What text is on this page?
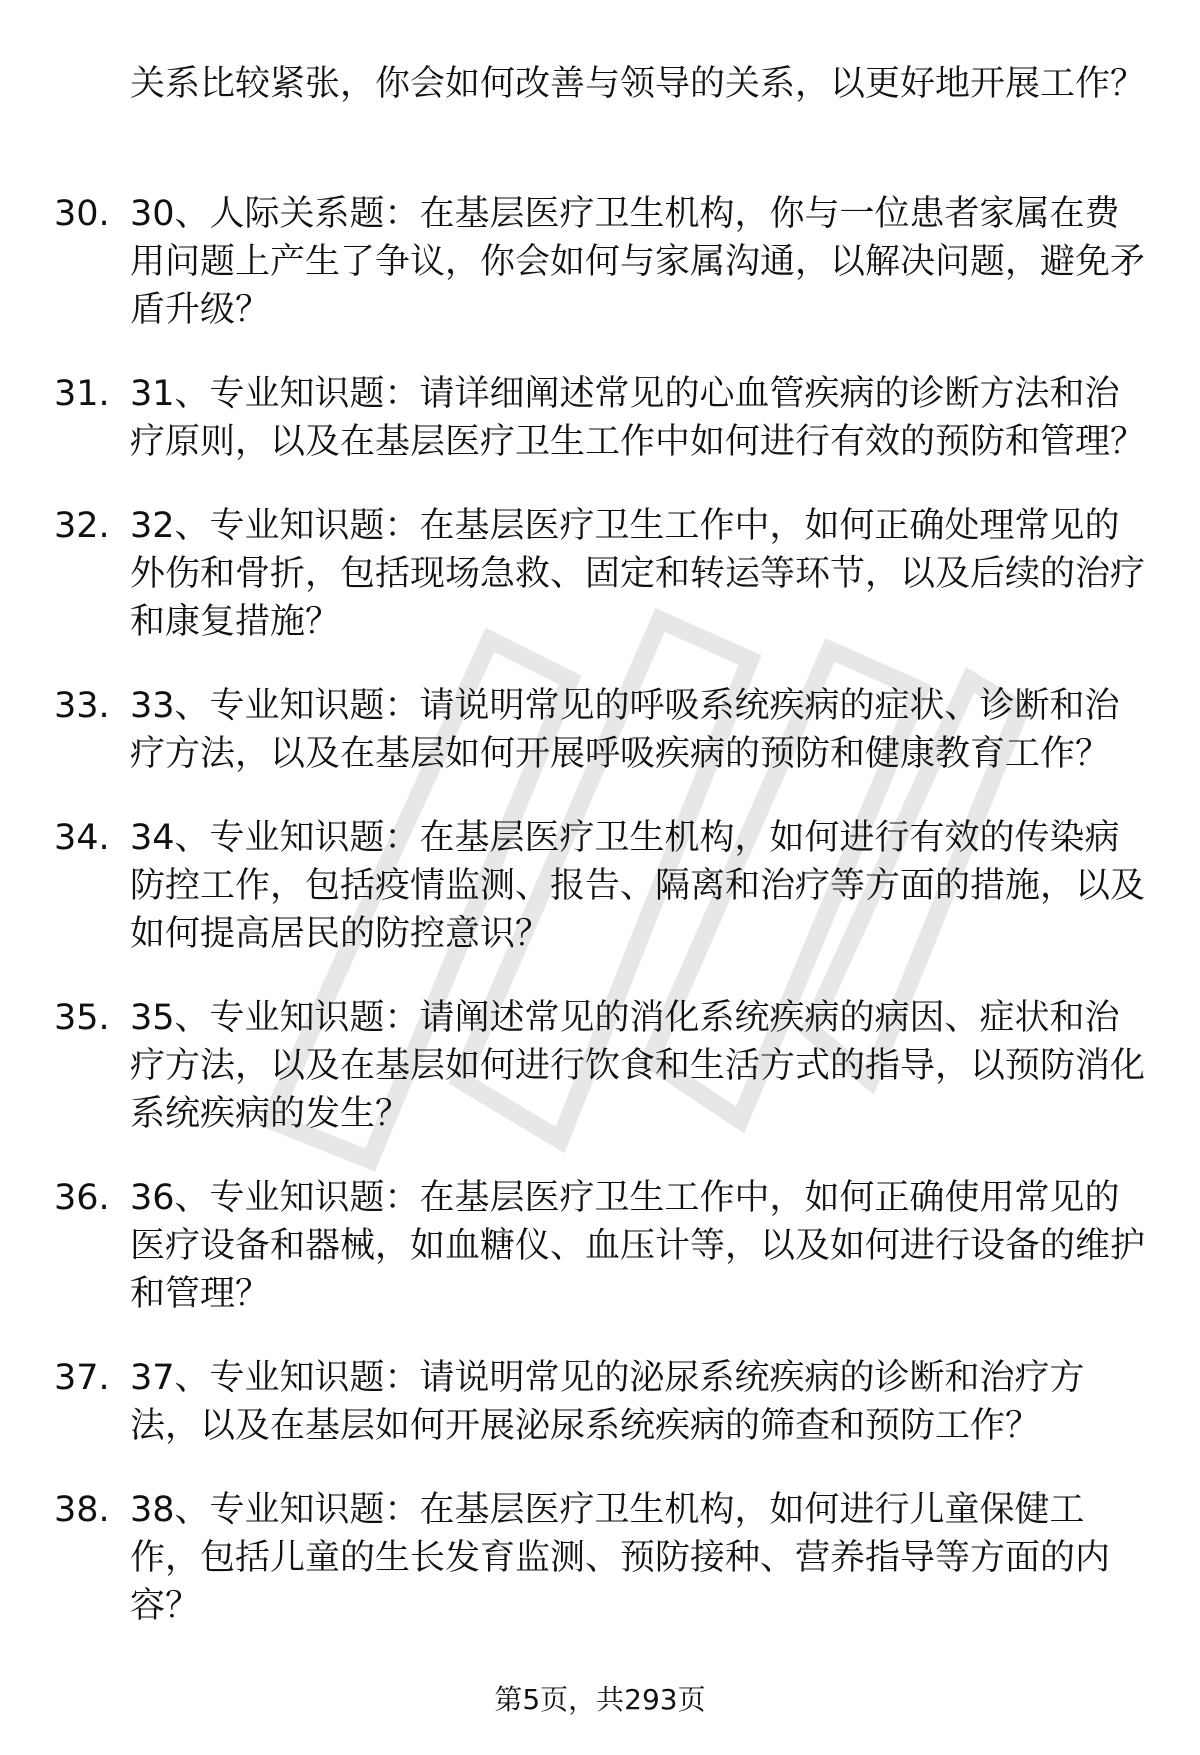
关系比较紧张，你会如何改善与领导的关系，以更好地开展工作？
30. 30、人际关系题：在基层医疗卫生机构，你与一位患者家属在费用问题上产生了争议，你会如何与家属沟通，以解决问题，避免矛盾升级？
31. 31、专业知识题：请详细阐述常见的心血管疾病的诊断方法和治疗原则，以及在基层医疗卫生工作中如何进行有效的预防和管理？
32. 32、专业知识题：在基层医疗卫生工作中，如何正确处理常见的外伤和骨折，包括现场急救、固定和转运等环节，以及后续的治疗和康复措施？
33. 33、专业知识题：请说明常见的呼吸系统疾病的症状、诊断和治疗方法，以及在基层如何开展呼吸疾病的预防和健康教育工作？
34. 34、专业知识题：在基层医疗卫生机构，如何进行有效的传染病防控工作，包括疫情监测、报告、隔离和治疗等方面的措施，以及如何提高居民的防控意识？
35. 35、专业知识题：请阐述常见的消化系统疾病的病因、症状和治疗方法，以及在基层如何进行饮食和生活方式的指导，以预防消化系统疾病的发生？
36. 36、专业知识题：在基层医疗卫生工作中，如何正确使用常见的医疗设备和器械，如血糖仪、血压计等，以及如何进行设备的维护和管理？
37. 37、专业知识题：请说明常见的泌尿系统疾病的诊断和治疗方法，以及在基层如何开展泌尿系统疾病的筛查和预防工作？
38. 38、专业知识题：在基层医疗卫生机构，如何进行儿童保健工作，包括儿童的生长发育监测、预防接种、营养指导等方面的内容？
第5页，共293页
